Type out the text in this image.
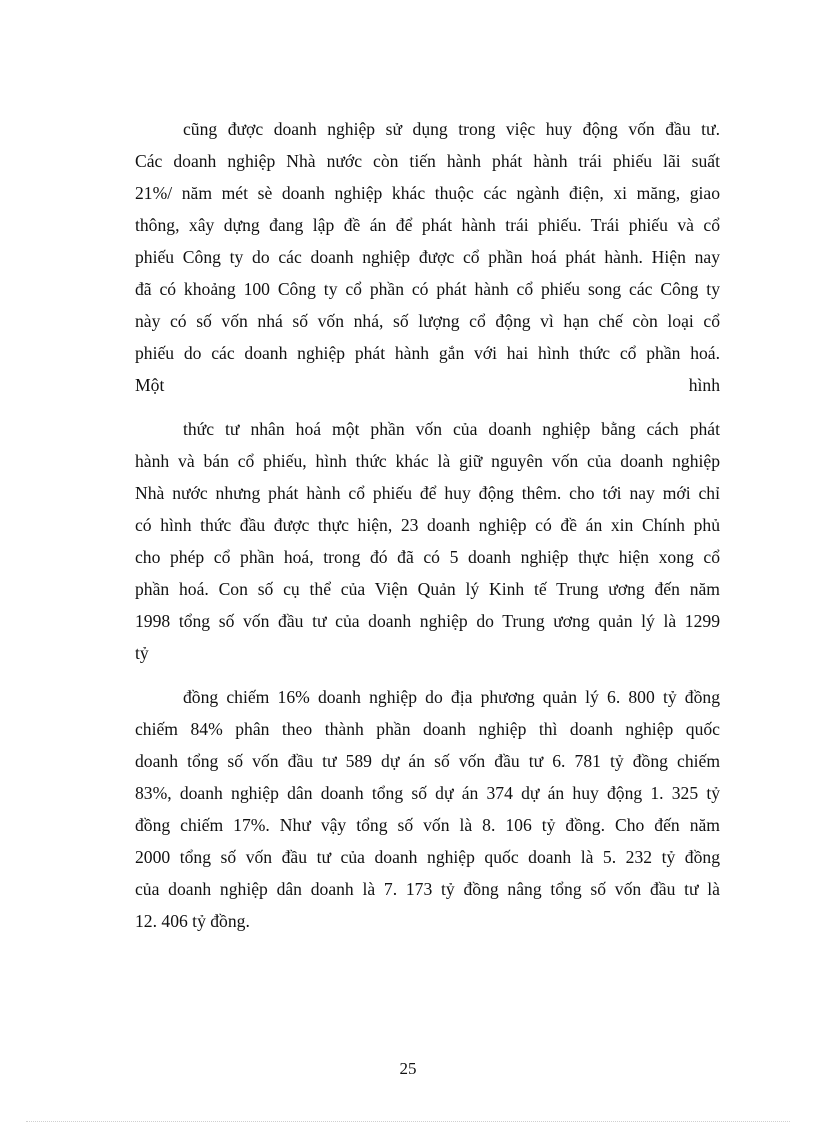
cũng được doanh nghiệp sử dụng trong việc huy động vốn đầu tư.
Các doanh nghiệp Nhà nước còn tiến hành phát hành trái phiếu lãi suất
21%/ năm mét sè doanh nghiệp khác thuộc các ngành điện, xi măng, giao
thông, xây dựng đang lập đề án để phát hành trái phiếu. Trái phiếu và cổ
phiếu Công ty do các doanh nghiệp được cổ phần hoá phát hành. Hiện nay
đã có khoảng 100 Công ty cổ phần có phát hành cổ phiếu song các Công ty
này có số vốn nhá số vốn nhá, số lượng cổ động vì hạn chế còn loại cổ
phiếu do các doanh nghiệp phát hành gắn với hai hình thức cổ phần hoá.
Một	hình
thức tư nhân hoá một phần vốn của doanh nghiệp bằng cách phát
hành và bán cổ phiếu, hình thức khác là giữ nguyên vốn của doanh nghiệp
Nhà nước nhưng phát hành cổ phiếu để huy động thêm. cho tới nay mới chỉ
có hình thức đầu được thực hiện, 23 doanh nghiệp có đề án xin Chính phủ
cho phép cổ phần hoá, trong đó đã có 5 doanh nghiệp thực hiện xong cổ
phần hoá. Con số cụ thể của Viện Quản lý Kinh tế Trung ương đến năm
1998 tổng số vốn đầu tư của doanh nghiệp do Trung ương quản lý là 1299
tỷ
đồng chiếm 16% doanh nghiệp do địa phương quản lý 6. 800 tỷ đồng
chiếm 84% phân theo thành phần doanh nghiệp thì doanh nghiệp quốc
doanh tổng số vốn đầu tư 589 dự án số vốn đầu tư 6. 781 tỷ đồng chiếm
83%, doanh nghiệp dân doanh tổng số dự án 374 dự án huy động 1. 325 tỷ
đồng chiếm 17%. Như vậy tổng số vốn là 8. 106 tỷ đồng. Cho đến năm
2000 tổng số vốn đầu tư của doanh nghiệp quốc doanh là 5. 232 tỷ đồng
của doanh nghiệp dân doanh là 7. 173 tỷ đồng nâng tổng số vốn đầu tư là
12. 406 tỷ đồng.
25
